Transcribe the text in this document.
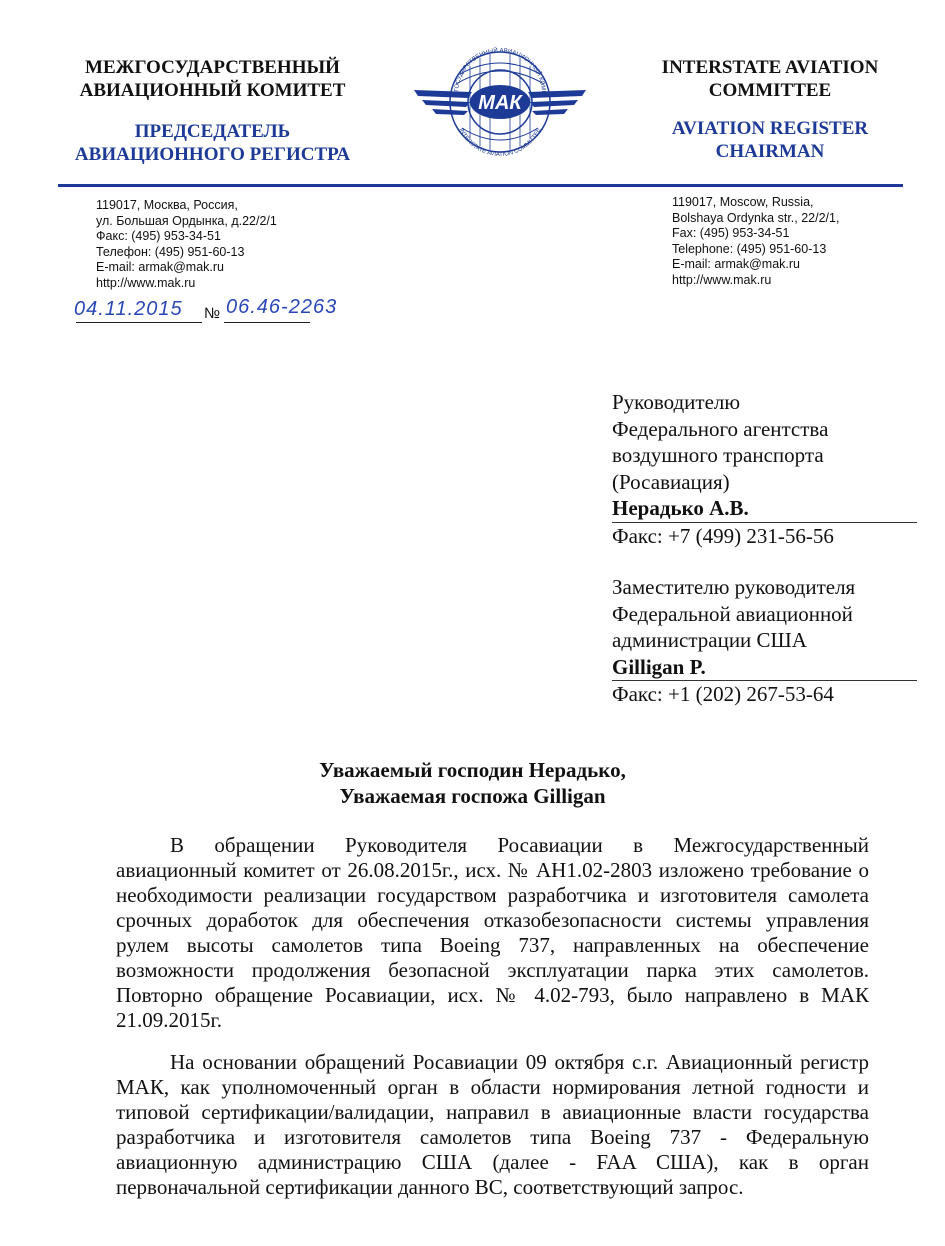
МЕЖГОСУДАРСТВЕННЫЙ
АВИАЦИОННЫЙ КОМИТЕТ
ПРЕДСЕДАТЕЛЬ
АВИАЦИОННОГО РЕГИСТРА
МАК
ГОСУДАРСТВЕННЫЙ АВИАЦИОННЫЙ КОМИ
INTERSTATE AVIATION COMMITTEE
INTERSTATE AVIATION
COMMITTEE
AVIATION REGISTER
CHAIRMAN
119017, Москва, Россия,
ул. Большая Ордынка, д.22/2/1
Факс: (495) 953-34-51
Телефон: (495) 951-60-13
E-mail: armak@mak.ru
http://www.mak.ru
119017, Moscow, Russia,
Bolshaya Ordynka str., 22/2/1,
Fax: (495) 953-34-51
Telephone: (495) 951-60-13
E-mail: armak@mak.ru
http://www.mak.ru
04.11.2015 № 06.46-2263
Руководителю
Федерального агентства
воздушного транспорта
(Росавиация)
Нерадько А.В.
Факс: +7 (499) 231-56-56
Заместителю руководителя
Федеральной авиационной
администрации США
Gilligan P.
Факс: +1 (202) 267-53-64
Уважаемый господин Нерадько,
Уважаемая госпожа Gilligan
В обращении Руководителя Росавиации в Межгосударственный
авиационный комитет от 26.08.2015г., исх. № АН1.02-2803 изложено требование о
необходимости реализации государством разработчика и изготовителя самолета
срочных доработок для обеспечения отказобезопасности системы управления
рулем высоты самолетов типа Boeing 737, направленных на обеспечение
возможности продолжения безопасной эксплуатации парка этих самолетов.
Повторно обращение Росавиации, исх. № 4.02-793, было направлено в МАК
21.09.2015г.
На основании обращений Росавиации 09 октября с.г. Авиационный регистр
МАК, как уполномоченный орган в области нормирования летной годности и
типовой сертификации/валидации, направил в авиационные власти государства
разработчика и изготовителя самолетов типа Boeing 737 - Федеральную
авиационную администрацию США (далее - FAA США), как в орган
первоначальной сертификации данного ВС, соответствующий запрос.
